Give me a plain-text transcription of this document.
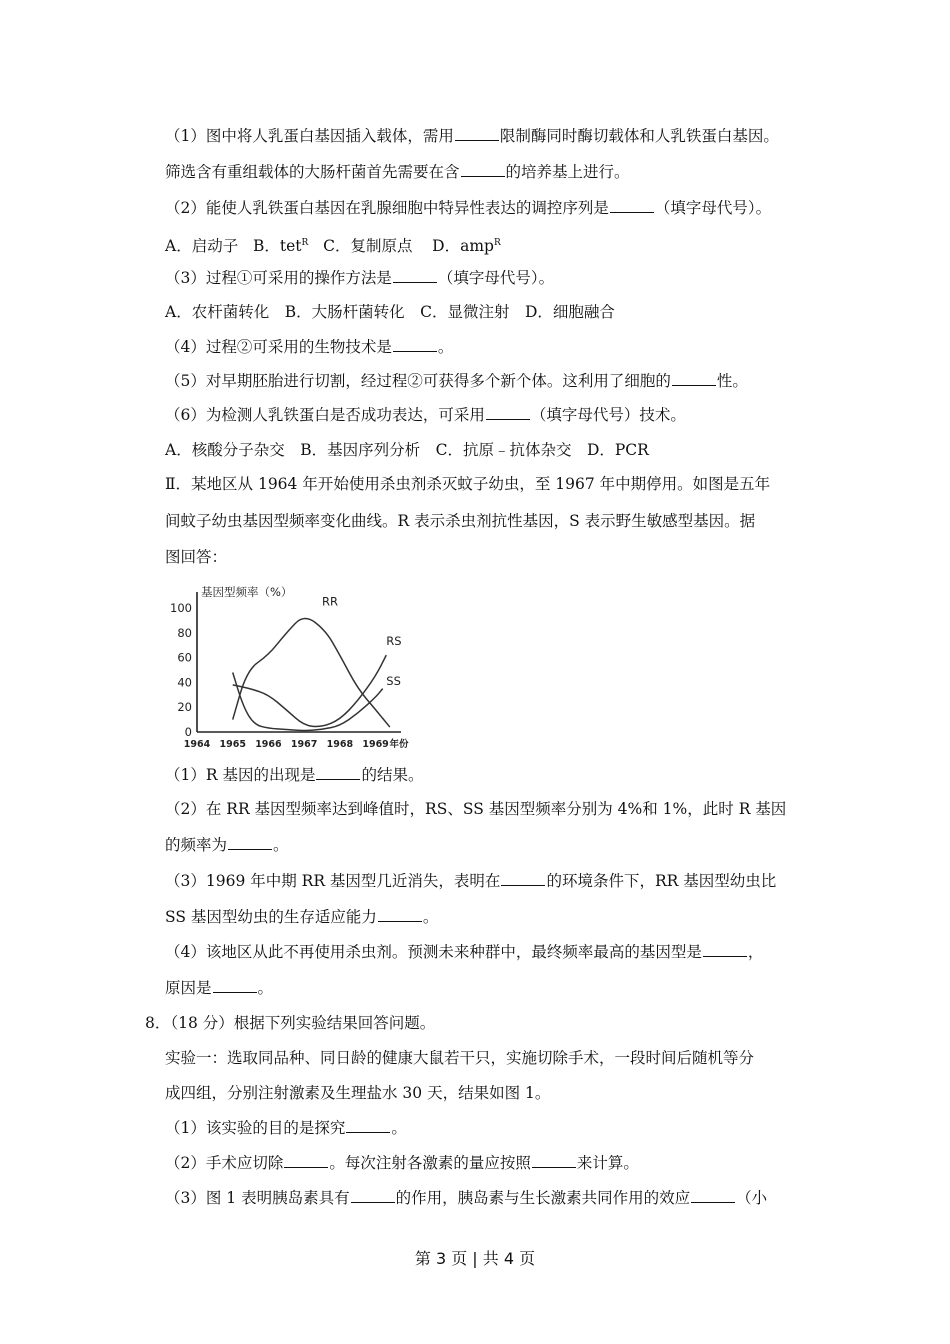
（1）图中将人乳蛋白基因插入载体，需用	限制酶同时酶切载体和人乳铁蛋白基因。
筛选含有重组载体的大肠杆菌首先需要在含	的培养基上进行。
（2）能使人乳铁蛋白基因在乳腺细胞中特异性表达的调控序列是	（填字母代号）。
A．启动子 B．tet$^R$ C．复制原点 D．amp$^R$
（3）过程①可采用的操作方法是	（填字母代号）。
A．农杆菌转化　B．大肠杆菌转化　C．显微注射　D．细胞融合
（4）过程②可采用的生物技术是	。
（5）对早期胚胎进行切割，经过程②可获得多个新个体。这利用了细胞的	性。
（6）为检测人乳铁蛋白是否成功表达，可采用	（填字母代号）技术。
A．核酸分子杂交　B．基因序列分析　C．抗原﹣抗体杂交　D．PCR
Ⅱ．某地区从 1964 年开始使用杀虫剂杀灭蚊子幼虫，至 1967 年中期停用。如图是五年
间蚊子幼虫基因型频率变化曲线。R 表示杀虫剂抗性基因，S 表示野生敏感型基因。据
图回答：
100
80
60
40
20
0
1964 1965 1966 1967 1968 1969 年份
基因型频率（%）
RR
RS
SS
（1）R 基因的出现是	的结果。
（2）在 RR 基因型频率达到峰值时，RS、SS 基因型频率分别为 4%和 1%，此时 R 基因
的频率为	。
（3）1969 年中期 RR 基因型几近消失，表明在	的环境条件下，RR 基因型幼虫比
SS 基因型幼虫的生存适应能力	。
（4）该地区从此不再使用杀虫剂。预测未来种群中，最终频率最高的基因型是	，
原因是	。
8．（18 分）根据下列实验结果回答问题。
实验一：选取同品种、同日龄的健康大鼠若干只，实施切除手术，一段时间后随机等分
成四组，分别注射激素及生理盐水 30 天，结果如图 1。
（1）该实验的目的是探究	。
（2）手术应切除	。每次注射各激素的量应按照	来计算。
（3）图 1 表明胰岛素具有	的作用，胰岛素与生长激素共同作用的效应	（小
第 3 页 | 共 4 页
